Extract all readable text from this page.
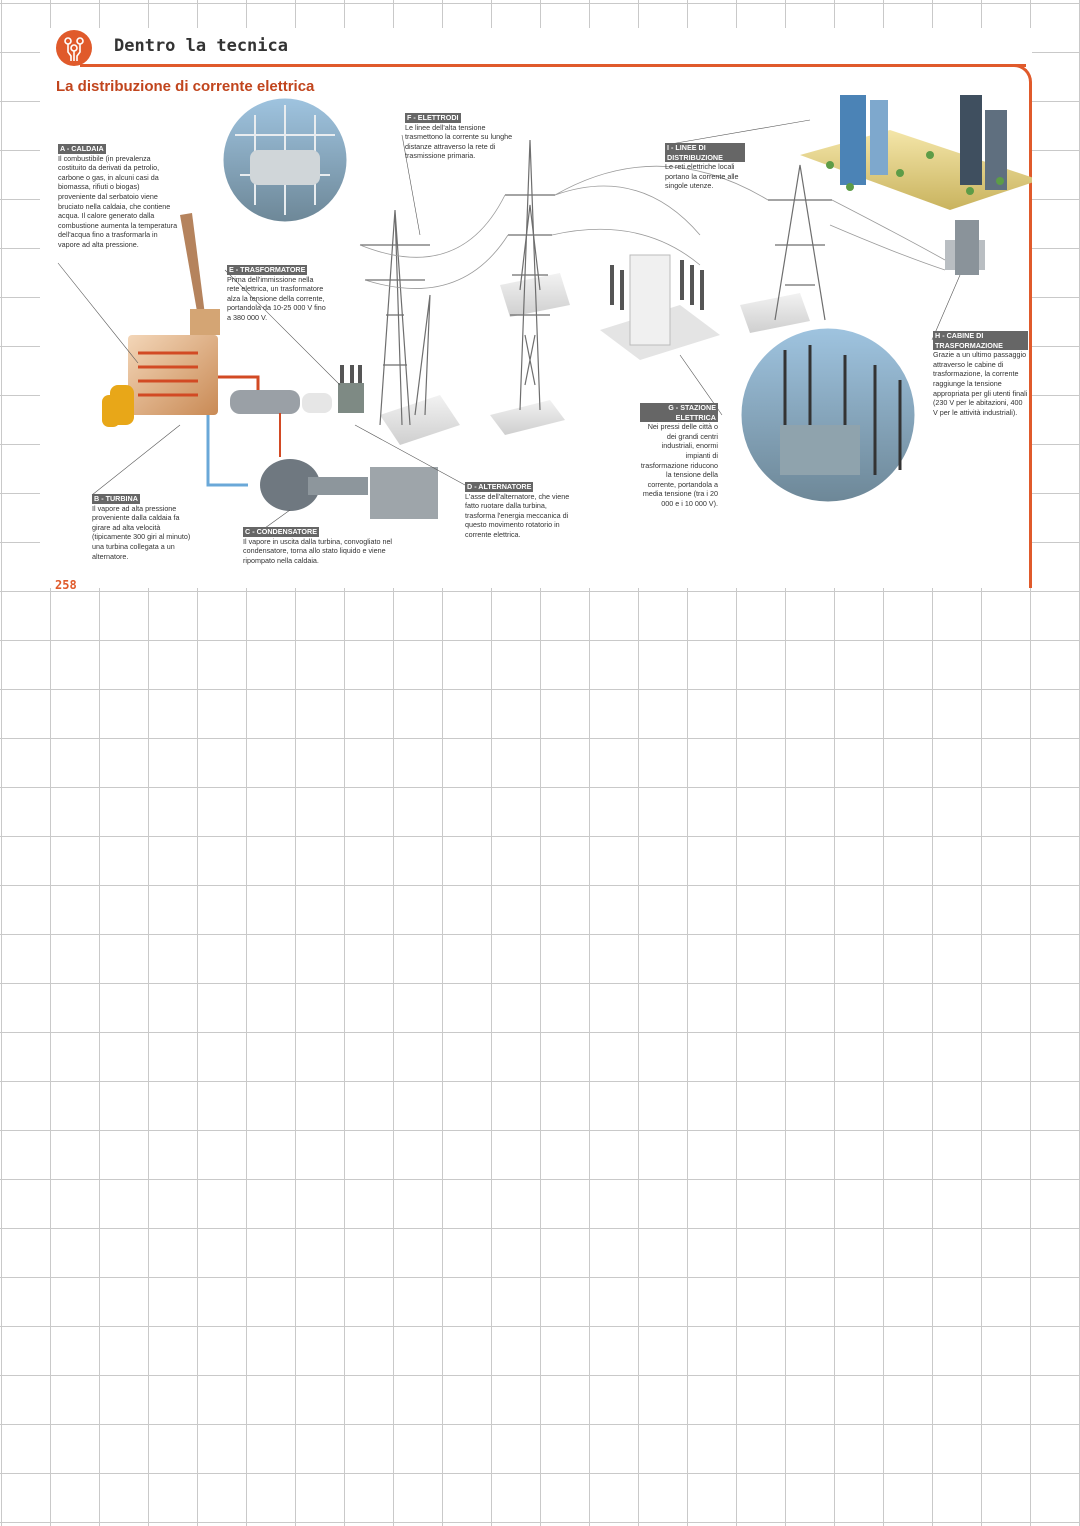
Dentro la tecnica
La distribuzione di corrente elettrica
A - CALDAIA
Il combustibile (in prevalenza costituito da derivati da petrolio, carbone o gas, in alcuni casi da biomassa, rifiuti o biogas) proveniente dal serbatoio viene bruciato nella caldaia, che contiene acqua. Il calore generato dalla combustione aumenta la temperatura dell'acqua fino a trasformarla in vapore ad alta pressione.
E - TRASFORMATORE
Prima dell'immissione nella rete elettrica, un trasformatore alza la tensione della corrente, portandola da 10-25 000 V fino a 380 000 V.
F - ELETTRODI
Le linee dell'alta tensione trasmettono la corrente su lunghe distanze attraverso la rete di trasmissione primaria.
I - LINEE DI DISTRIBUZIONE
Le reti elettriche locali portano la corrente alle singole utenze.
H - CABINE DI TRASFORMAZIONE
Grazie a un ultimo passaggio attraverso le cabine di trasformazione, la corrente raggiunge la tensione appropriata per gli utenti finali (230 V per le abitazioni, 400 V per le attività industriali).
G - STAZIONE ELETTRICA
Nei pressi delle città o dei grandi centri industriali, enormi impianti di trasformazione riducono la tensione della corrente, portandola a media tensione (tra i 20 000 e i 10 000 V).
D - ALTERNATORE
L'asse dell'alternatore, che viene fatto ruotare dalla turbina, trasforma l'energia meccanica di questo movimento rotatorio in corrente elettrica.
B - TURBINA
Il vapore ad alta pressione proveniente dalla caldaia fa girare ad alta velocità (tipicamente 300 giri al minuto) una turbina collegata a un alternatore.
C - CONDENSATORE
Il vapore in uscita dalla turbina, convogliato nel condensatore, torna allo stato liquido e viene ripompato nella caldaia.
258
